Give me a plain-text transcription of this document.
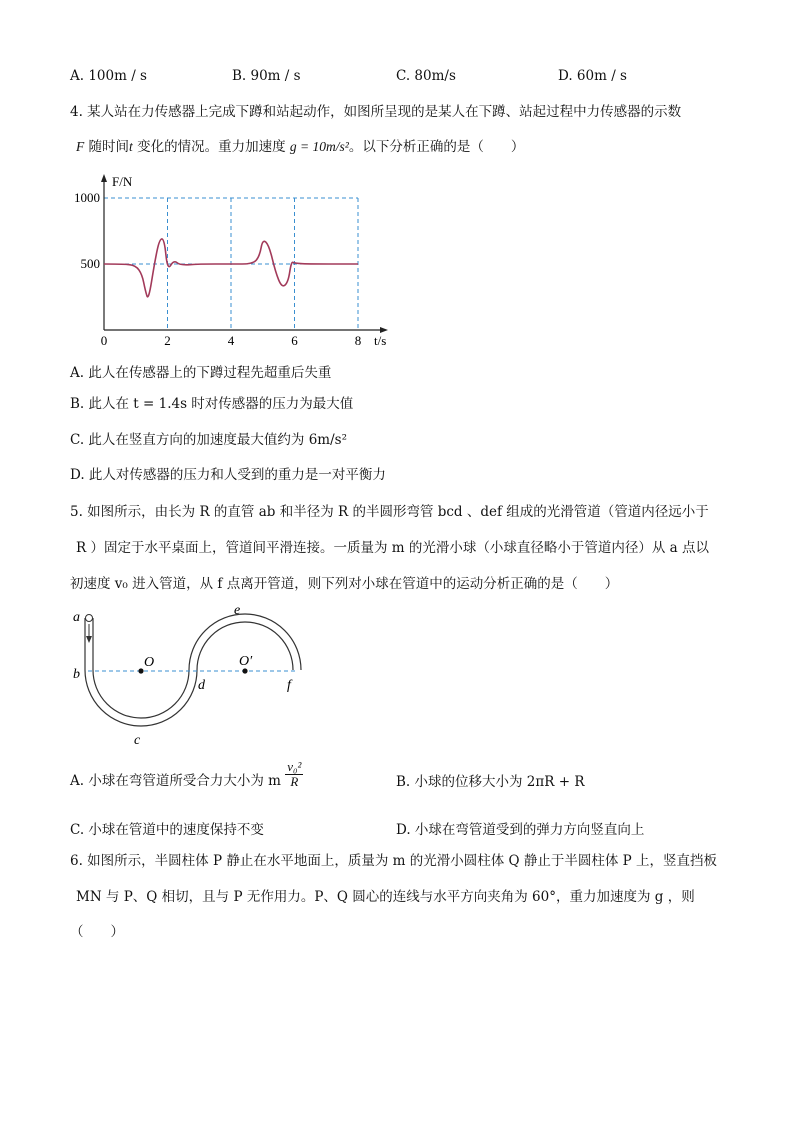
A. 100m / s	B. 90m / s	C. 80m/s	D. 60m / s
4. 某人站在力传感器上完成下蹲和站起动作，如图所呈现的是某人在下蹲、站起过程中力传感器的示数
F 随时间t 变化的情况。重力加速度 g = 10m/s²。以下分析正确的是（　　）
F/N
t/s
0	2	4	6	8
500
1000
A. 此人在传感器上的下蹲过程先超重后失重
B. 此人在 t = 1.4s 时对传感器的压力为最大值
C. 此人在竖直方向的加速度最大值约为 6m/s²
D. 此人对传感器的压力和人受到的重力是一对平衡力
5. 如图所示，由长为 R 的直管 ab 和半径为 R 的半圆形弯管 bcd 、def 组成的光滑管道（管道内径远小于
R ）固定于水平桌面上，管道间平滑连接。一质量为 m 的光滑小球（小球直径略小于管道内径）从 a 点以
初速度 v₀ 进入管道，从 f 点离开管道，则下列对小球在管道中的运动分析正确的是（　　）
a
b
c
d
e
f
O	O′
A. 小球在弯管道所受合力大小为 m $\frac{\text{v₀²}}{R}$	B. 小球的位移大小为 2πR + R
C. 小球在管道中的速度保持不变	D. 小球在弯管道受到的弹力方向竖直向上
6. 如图所示，半圆柱体 P 静止在水平地面上，质量为 m 的光滑小圆柱体 Q 静止于半圆柱体 P 上，竖直挡板
MN 与 P、Q 相切，且与 P 无作用力。P、Q 圆心的连线与水平方向夹角为 60°，重力加速度为 g ，则
（　　）
